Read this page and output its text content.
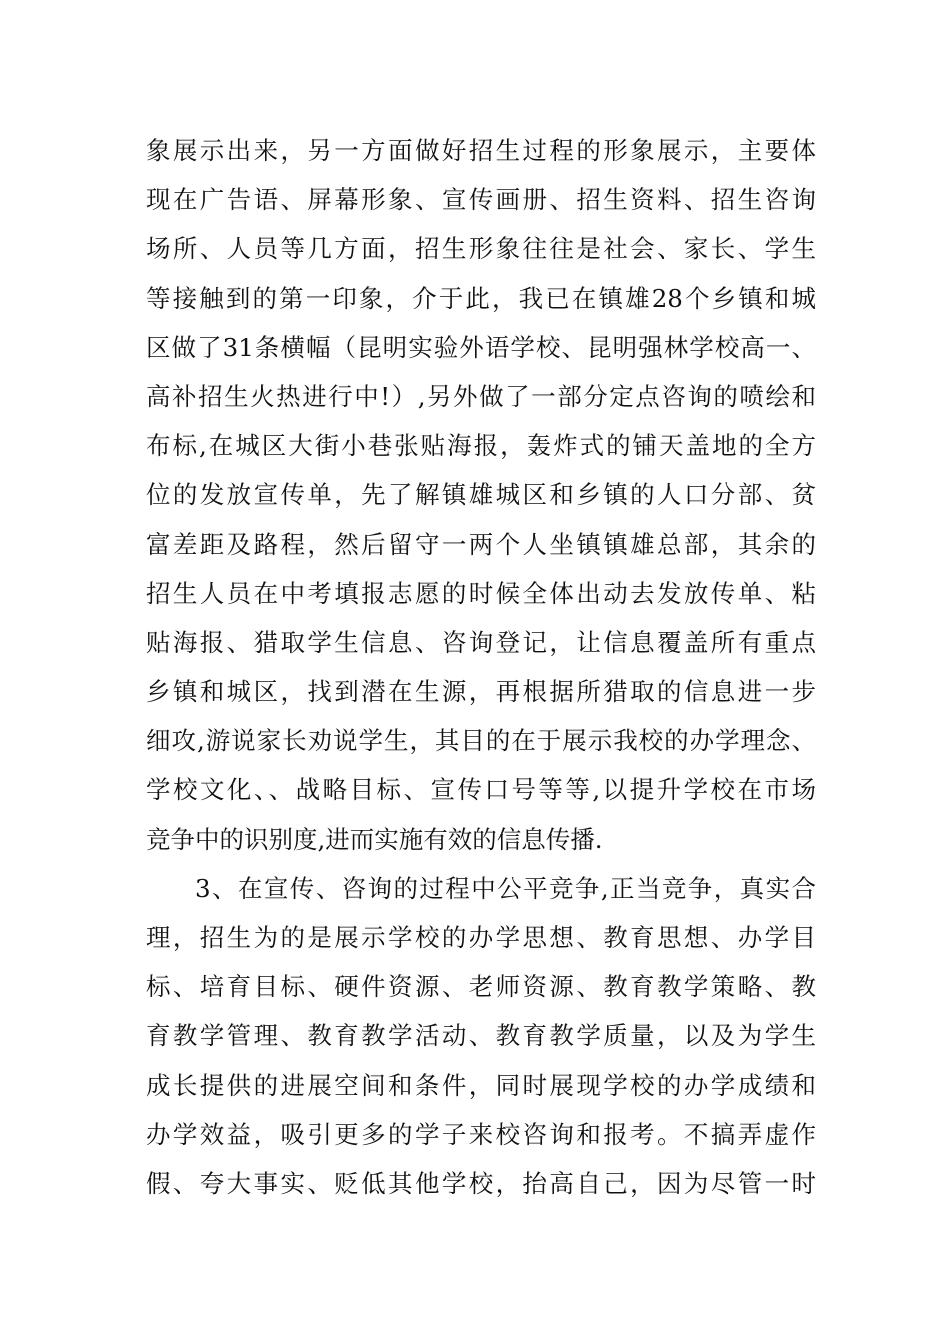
象展示出来，另一方面做好招生过程的形象展示，主要体
现在广告语、屏幕形象、宣传画册、招生资料、招生咨询
场所、人员等几方面，招生形象往往是社会、家长、学生
等接触到的第一印象，介于此，我已在镇雄28个乡镇和城
区做了31条横幅（昆明实验外语学校、昆明强林学校高一、
高补招生火热进行中!）,另外做了一部分定点咨询的喷绘和
布标,在城区大街小巷张贴海报，轰炸式的铺天盖地的全方
位的发放宣传单，先了解镇雄城区和乡镇的人口分部、贫
富差距及路程，然后留守一两个人坐镇镇雄总部，其余的
招生人员在中考填报志愿的时候全体出动去发放传单、粘
贴海报、猎取学生信息、咨询登记，让信息覆盖所有重点
乡镇和城区，找到潜在生源，再根据所猎取的信息进一步
细攻,游说家长劝说学生，其目的在于展示我校的办学理念、
学校文化、、战略目标、宣传口号等等,以提升学校在市场
竞争中的识别度,进而实施有效的信息传播.
3、在宣传、咨询的过程中公平竞争,正当竞争，真实合
理，招生为的是展示学校的办学思想、教育思想、办学目
标、培育目标、硬件资源、老师资源、教育教学策略、教
育教学管理、教育教学活动、教育教学质量，以及为学生
成长提供的进展空间和条件，同时展现学校的办学成绩和
办学效益，吸引更多的学子来校咨询和报考。不搞弄虚作
假、夸大事实、贬低其他学校，抬高自己，因为尽管一时
